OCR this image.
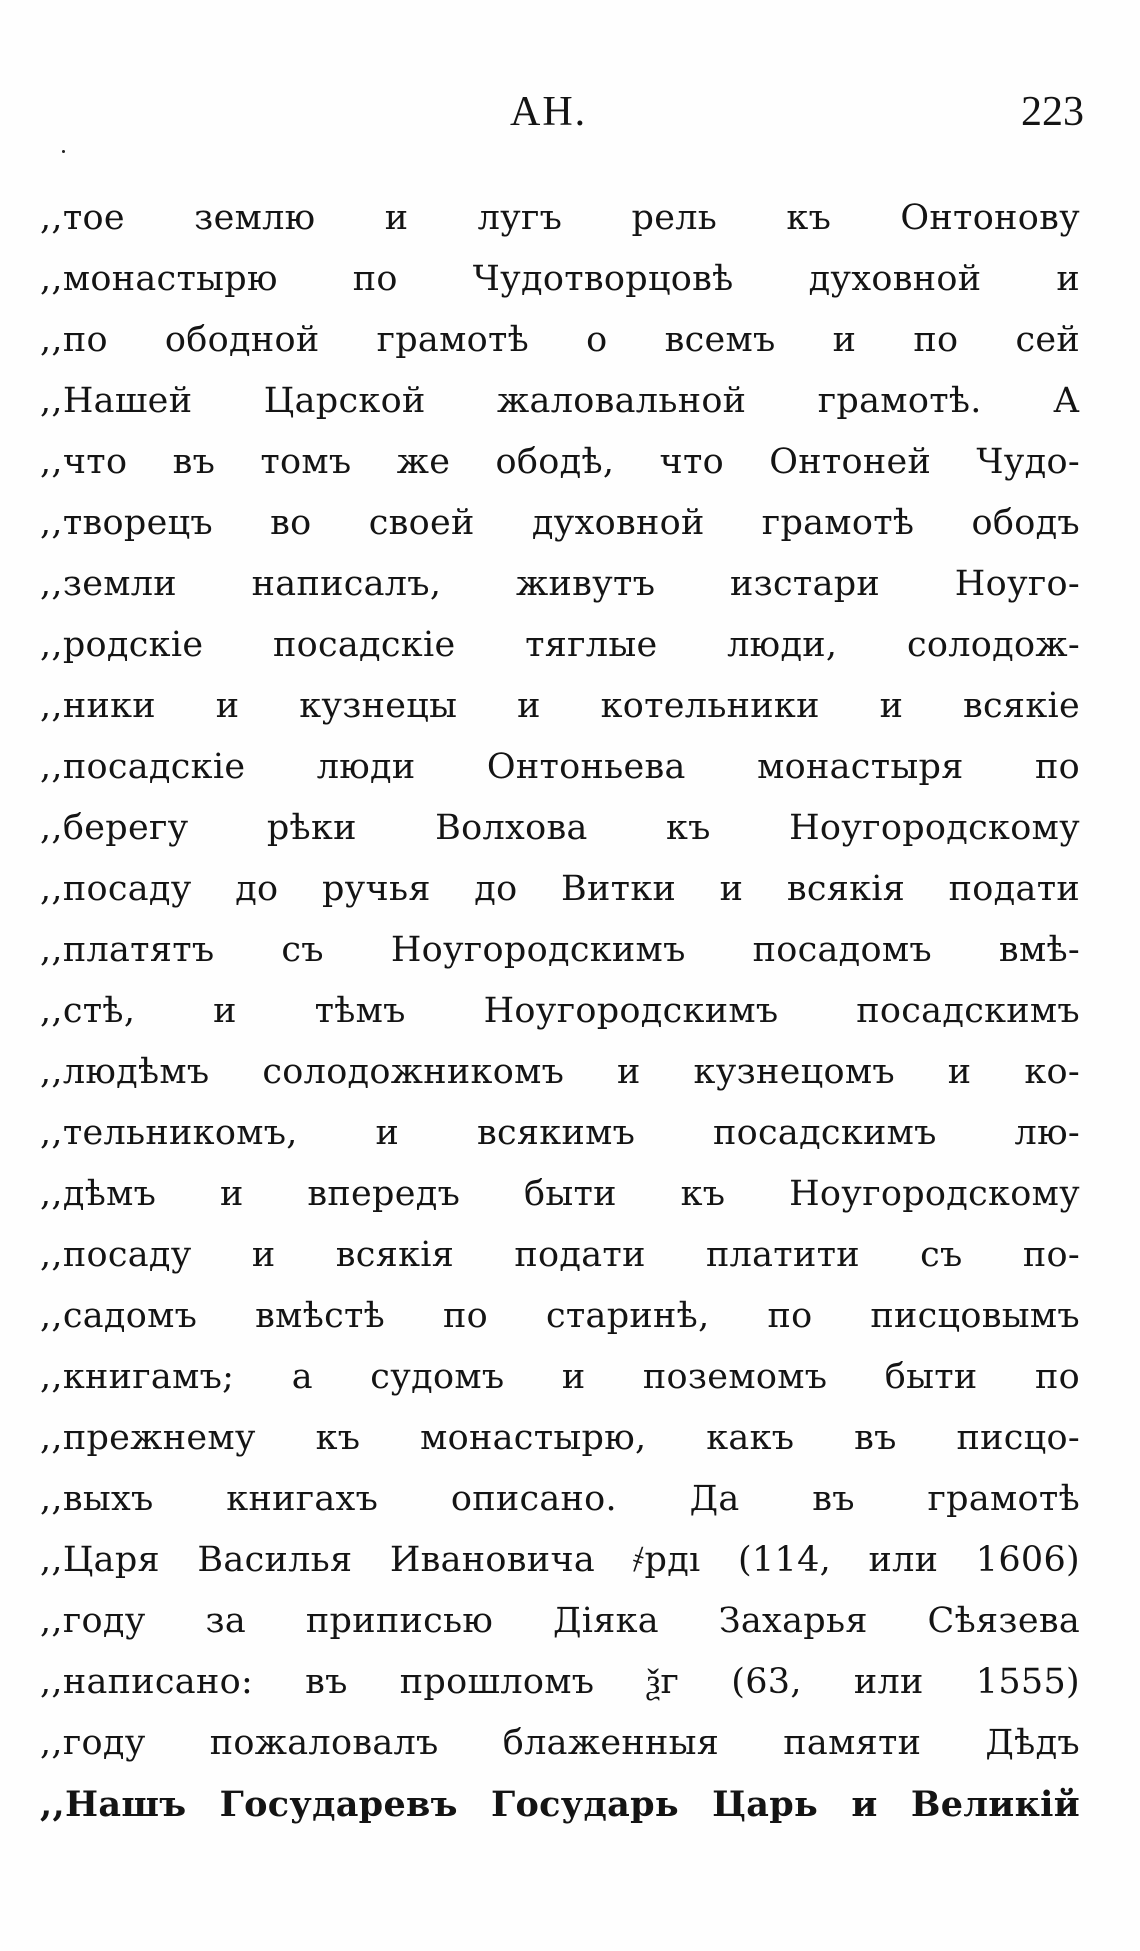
АН.	223
,,тое землю и лугъ рель къ Онтонову
,,монастырю по Чудотворцовѣ духовной и
,,по ободной грамотѣ о всемъ и по сей
,,Нашей Царской жаловальной грамотѣ. А
,,что въ томъ же ободѣ, что Онтоней Чудо-
,,творецъ во своей духовной грамотѣ ободъ
,,земли написалъ, живутъ изстари Ноуго-
,,родскіе посадскіе тяглые люди, солодож-
,,ники и кузнецы и котельники и всякіе
,,посадскіе люди Онтоньева монастыря по
,,берегу рѣки Волхова къ Ноугородскому
,,посаду до ручья до Витки и всякія подати
,,платятъ съ Ноугородскимъ посадомъ вмѣ-
,,стѣ, и тѣмъ Ноугородскимъ посадскимъ
,,людѣмъ солодожникомъ и кузнецомъ и ко-
,,тельникомъ, и всякимъ посадскимъ лю-
,,дѣмъ и впередъ быти къ Ноугородскому
,,посаду и всякія подати платити съ по-
,,садомъ вмѣстѣ по старинѣ, по писцовымъ
,,книгамъ; а судомъ и поземомъ быти по
,,прежнему къ монастырю, какъ въ писцо-
,,выхъ книгахъ описано. Да въ грамотѣ
,,Царя Василья Ивановича ҂рдı (114, или 1606)
,,году за приписью Діяка Захарья Сѣязева
,,написано: въ прошломъ ѯг (63, или 1555)
,,году пожаловалъ блаженныя памяти Дѣдъ
,,Нашъ Государевъ Государь Царь и Великій
